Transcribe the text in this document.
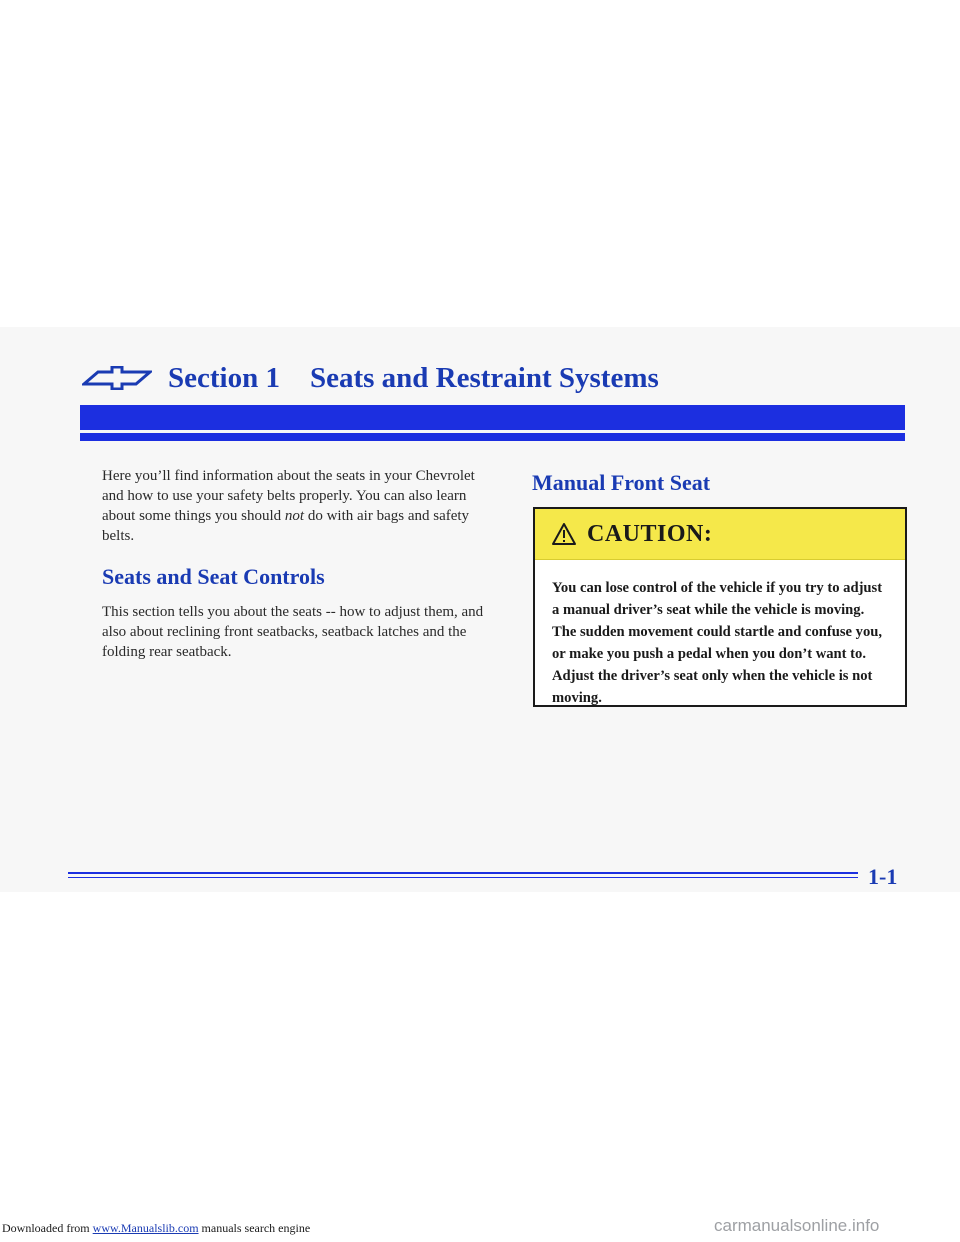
Section 1 Seats and Restraint Systems

Here you’ll find information about the seats in your Chevrolet and how to use your safety belts properly. You can also learn about some things you should not do with air bags and safety belts.

Seats and Seat Controls

This section tells you about the seats -- how to adjust them, and also about reclining front seatbacks, seatback latches and the folding rear seatback.

Manual Front Seat
CAUTION:

You can lose control of the vehicle if you try to adjust a manual driver’s seat while the vehicle is moving. The sudden movement could startle and confuse you, or make you push a pedal when you don’t want to. Adjust the driver’s seat only when the vehicle is not moving.

1-1
Downloaded from www.Manualslib.com manuals search engine	carmanualsonline.info
